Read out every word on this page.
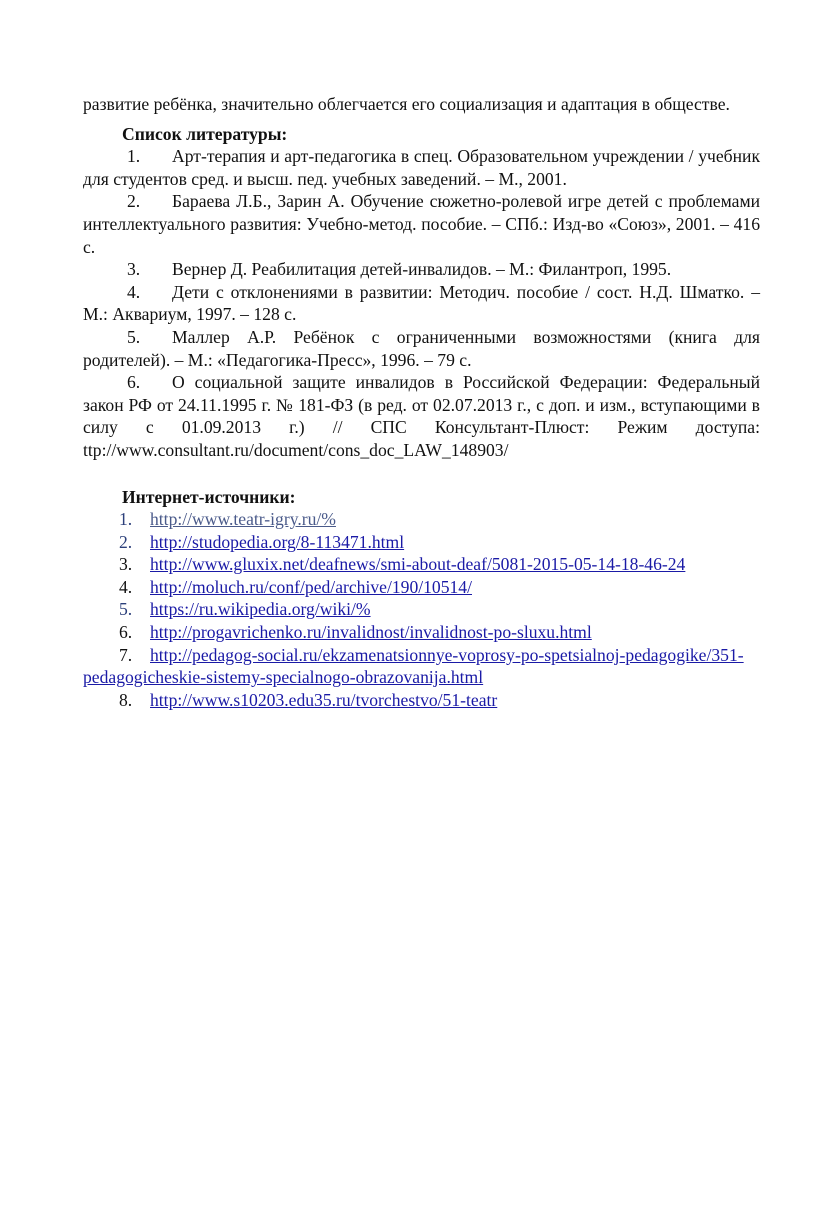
развитие ребёнка, значительно облегчается его социализация и адаптация в обществе.

Список литературы:

1. Арт-терапия и арт-педагогика в спец. Образовательном учреждении / учебник для студентов сред. и высш. пед. учебных заведений. – М., 2001.

2. Бараева Л.Б., Зарин А. Обучение сюжетно-ролевой игре детей с проблемами интеллектуального развития: Учебно-метод. пособие. – СПб.: Изд-во «Союз», 2001. – 416 с.

3. Вернер Д. Реабилитация детей-инвалидов. – М.: Филантроп, 1995.

4. Дети с отклонениями в развитии: Методич. пособие / сост. Н.Д. Шматко. – М.: Аквариум, 1997. – 128 с.

5. Маллер А.Р. Ребёнок с ограниченными возможностями (книга для родителей). – М.: «Педагогика-Пресс», 1996. – 79 с.

6. О социальной защите инвалидов в Российской Федерации: Федеральный закон РФ от 24.11.1995 г. № 181-ФЗ (в ред. от 02.07.2013 г., с доп. и изм., вступающими в силу с 01.09.2013 г.) // СПС Консультант-Плюст: Режим доступа: ttp://www.consultant.ru/document/cons_doc_LAW_148903/

Интернет-источники:

1. http://www.teatr-igry.ru/%

2. http://studopedia.org/8-113471.html

3. http://www.gluxix.net/deafnews/smi-about-deaf/5081-2015-05-14-18-46-24

4. http://moluch.ru/conf/ped/archive/190/10514/

5. https://ru.wikipedia.org/wiki/%

6. http://progavrichenko.ru/invalidnost/invalidnost-po-sluxu.html

7. http://pedagog-social.ru/ekzamenatsionnye-voprosy-po-spetsialnoj-pedagogike/351-pedagogicheskie-sistemy-specialnogo-obrazovanija.html

8. http://www.s10203.edu35.ru/tvorchestvo/51-teatr
